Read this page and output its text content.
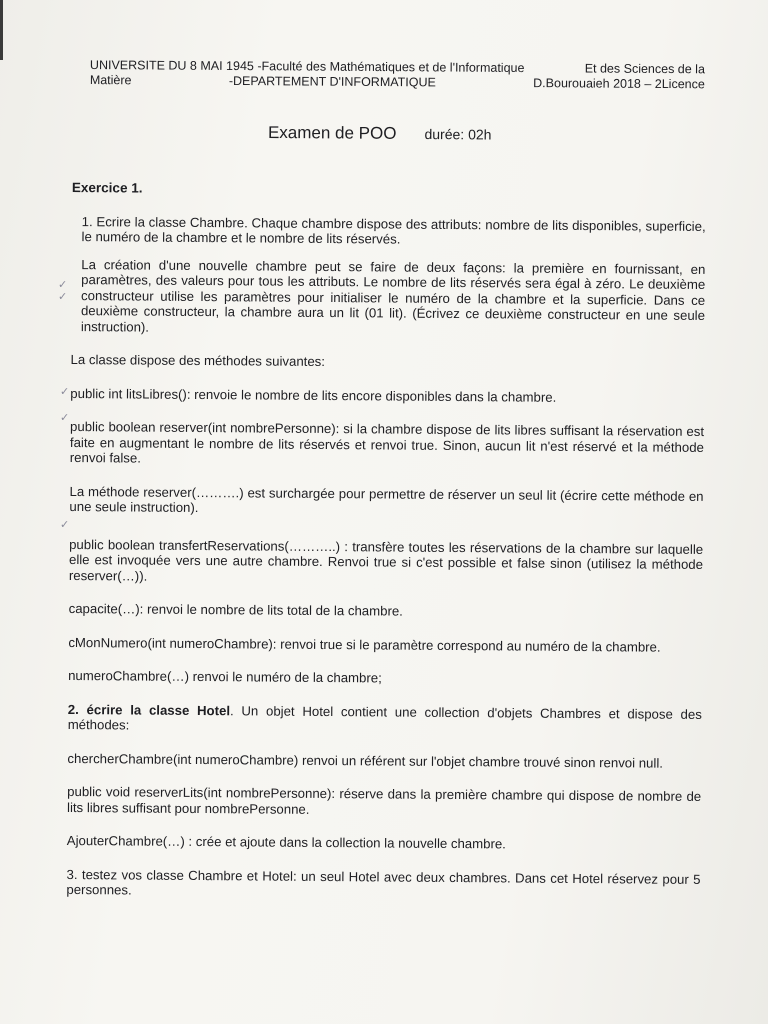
UNIVERSITE DU 8 MAI 1945 -Faculté des Mathématiques et de l'Informatique	Et des Sciences de la
Matière	-DEPARTEMENT D'INFORMATIQUE	D.Bourouaieh 2018 – 2Licence
Examen de POO durée: 02h
✓
✓
✓
✓
✓

Exercice 1.

1. Ecrire la classe Chambre. Chaque chambre dispose des attributs: nombre de lits disponibles, superficie, le numéro de la chambre et le nombre de lits réservés.

La création d'une nouvelle chambre peut se faire de deux façons: la première en fournissant, en paramètres, des valeurs pour tous les attributs. Le nombre de lits réservés sera égal à zéro. Le deuxième constructeur utilise les paramètres pour initialiser le numéro de la chambre et la superficie. Dans ce deuxième constructeur, la chambre aura un lit (01 lit). (Écrivez ce deuxième constructeur en une seule instruction).

La classe dispose des méthodes suivantes:

public int litsLibres(): renvoie le nombre de lits encore disponibles dans la chambre.

public boolean reserver(int nombrePersonne): si la chambre dispose de lits libres suffisant la réservation est faite en augmentant le nombre de lits réservés et renvoi true. Sinon, aucun lit n'est réservé et la méthode renvoi false.

La méthode reserver(……….) est surchargée pour permettre de réserver un seul lit (écrire cette méthode en une seule instruction).

public boolean transfertReservations(………..) : transfère toutes les réservations de la chambre sur laquelle elle est invoquée vers une autre chambre. Renvoi true si c'est possible et false sinon (utilisez la méthode reserver(…)).

capacite(…): renvoi le nombre de lits total de la chambre.

cMonNumero(int numeroChambre): renvoi true si le paramètre correspond au numéro de la chambre.

numeroChambre(…) renvoi le numéro de la chambre;

2. écrire la classe Hotel. Un objet Hotel contient une collection d'objets Chambres et dispose des méthodes:

chercherChambre(int numeroChambre) renvoi un référent sur l'objet chambre trouvé sinon renvoi null.

public void reserverLits(int nombrePersonne): réserve dans la première chambre qui dispose de nombre de lits libres suffisant pour nombrePersonne.

AjouterChambre(…) : crée et ajoute dans la collection la nouvelle chambre.

3. testez vos classe Chambre et Hotel: un seul Hotel avec deux chambres. Dans cet Hotel réservez pour 5 personnes.
